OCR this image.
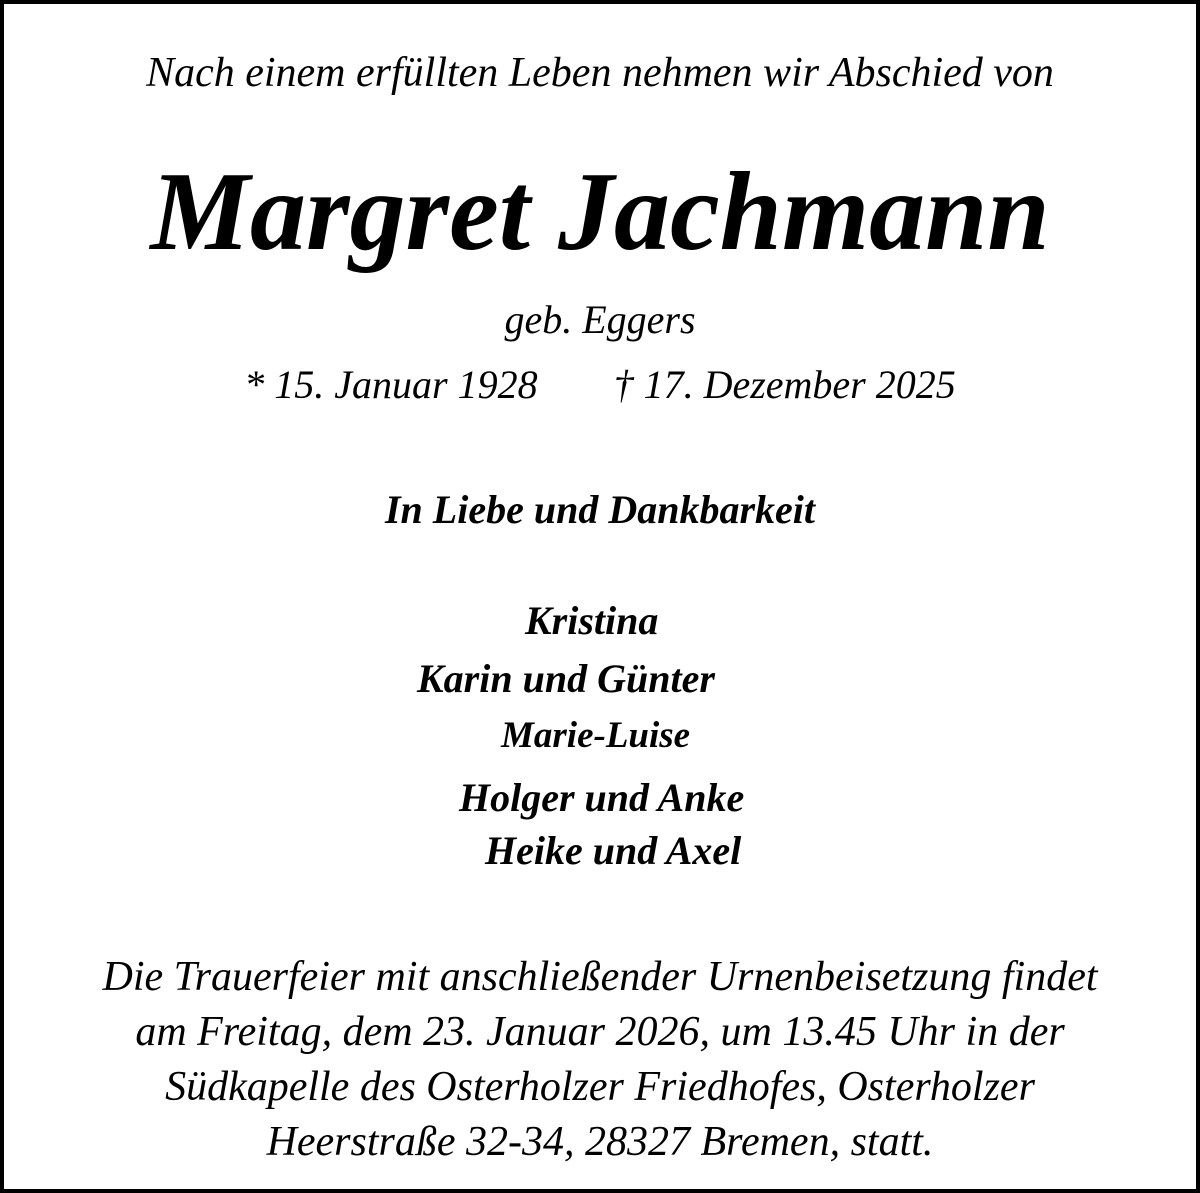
Nach einem erfüllten Leben nehmen wir Abschied von
Margret Jachmann
geb. Eggers
* 15. Januar 1928 † 17. Dezember 2025
In Liebe und Dankbarkeit
Kristina
Karin und Günter
Marie-Luise
Holger und Anke
Heike und Axel
Die Trauerfeier mit anschließender Urnenbeisetzung findet
am Freitag, dem 23. Januar 2026, um 13.45 Uhr in der
Südkapelle des Osterholzer Friedhofes, Osterholzer
Heerstraße 32-34, 28327 Bremen, statt.
